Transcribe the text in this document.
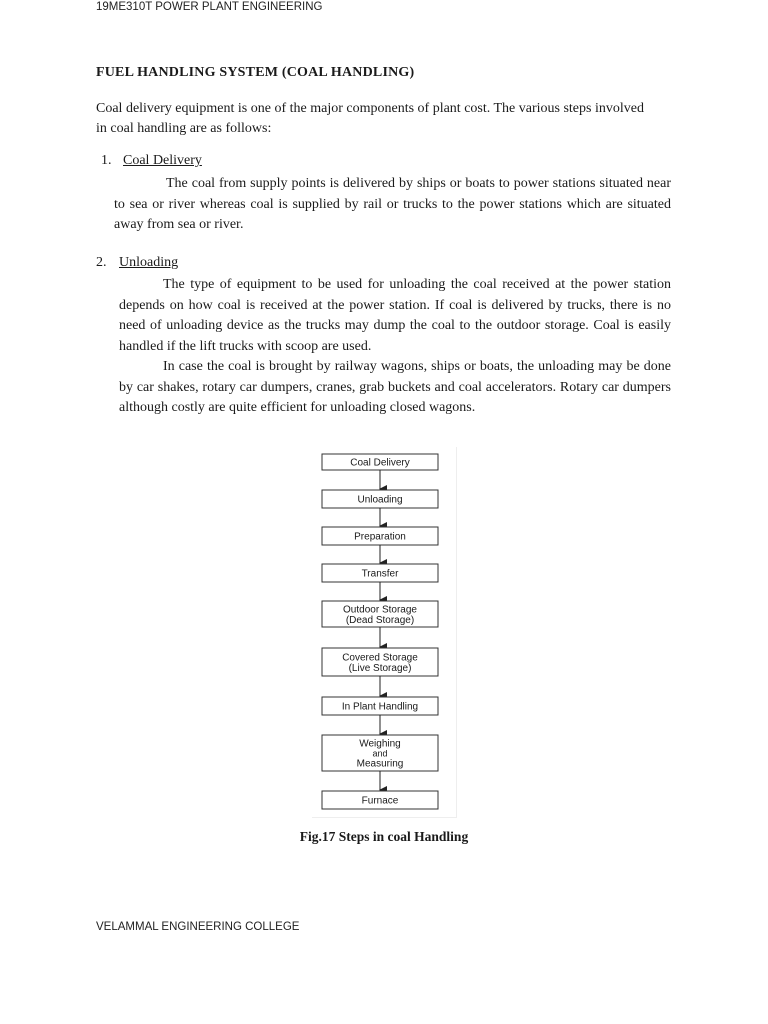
19ME310T POWER PLANT ENGINEERING
FUEL HANDLING SYSTEM (COAL HANDLING)
Coal delivery equipment is one of the major components of plant cost. The various steps involved in coal handling are as follows:
1. Coal Delivery
The coal from supply points is delivered by ships or boats to power stations situated near to sea or river whereas coal is supplied by rail or trucks to the power stations which are situated away from sea or river.
2. Unloading
The type of equipment to be used for unloading the coal received at the power station depends on how coal is received at the power station. If coal is delivered by trucks, there is no need of unloading device as the trucks may dump the coal to the outdoor storage. Coal is easily handled if the lift trucks with scoop are used.
In case the coal is brought by railway wagons, ships or boats, the unloading may be done by car shakes, rotary car dumpers, cranes, grab buckets and coal accelerators. Rotary car dumpers although costly are quite efficient for unloading closed wagons.
Coal Delivery
Unloading
Preparation
Transfer
Outdoor Storage
(Dead Storage)
Covered Storage
(Live Storage)
In Plant Handling
Weighing
and
Measuring
Furnace
Fig.17 Steps in coal Handling
VELAMMAL ENGINEERING COLLEGE
